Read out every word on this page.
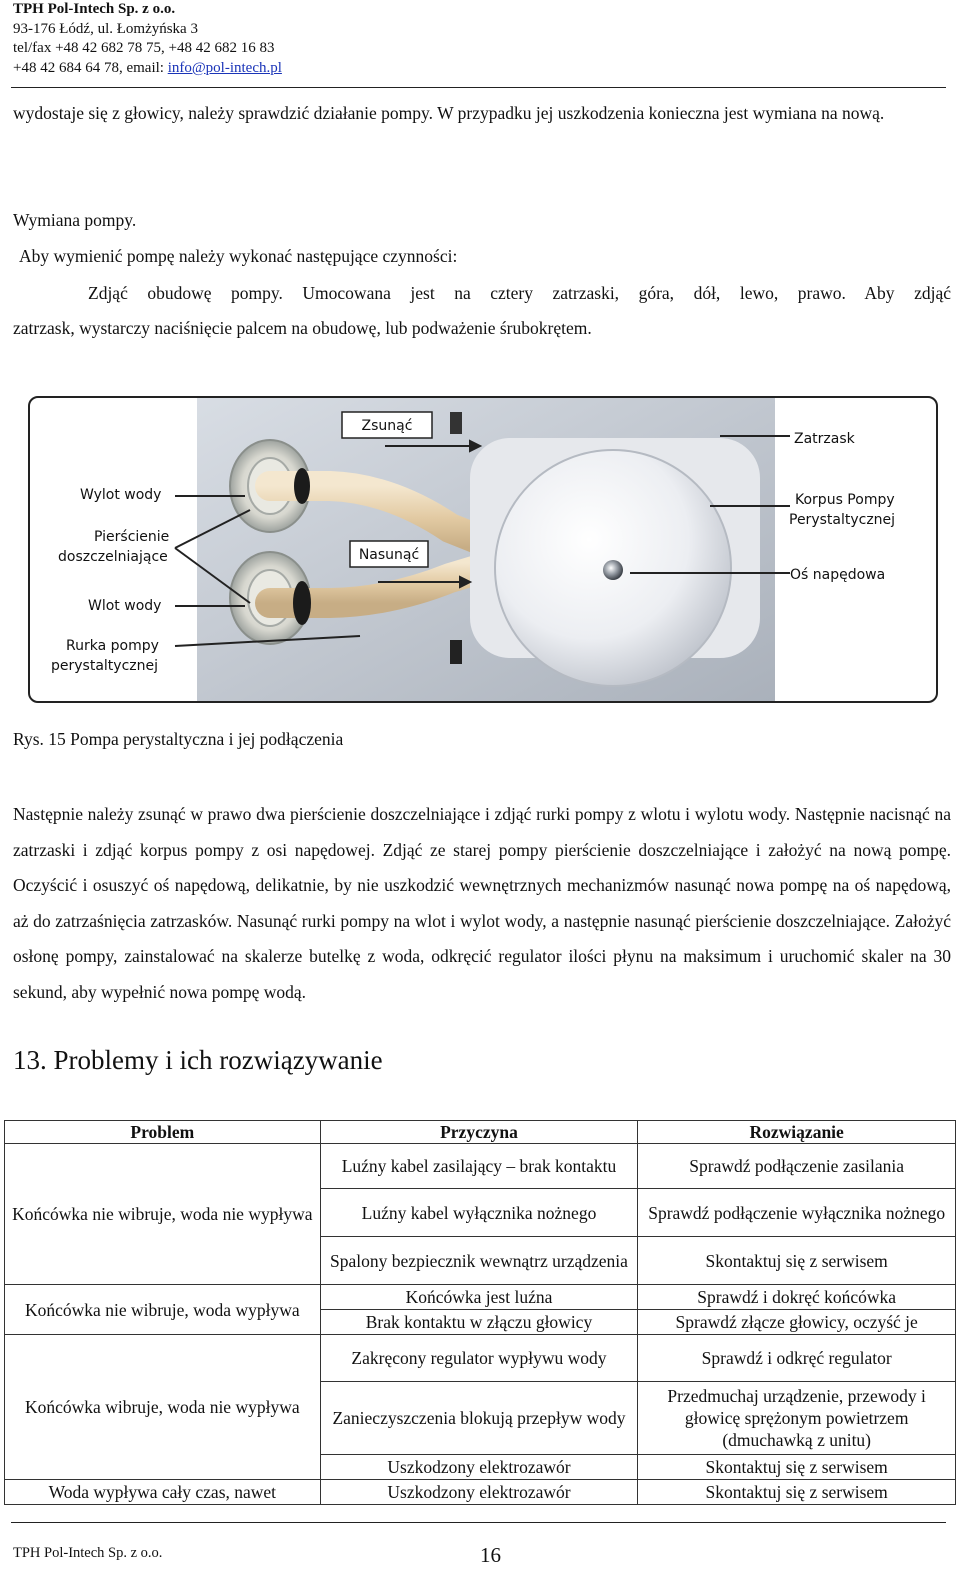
TPH Pol-Intech Sp. z o.o.
93-176 Łódź, ul. Łomżyńska 3
tel/fax +48 42 682 78 75, +48 42 682 16 83
+48 42 684 64 78, email: info@pol-intech.pl

wydostaje się z głowicy, należy sprawdzić działanie pompy. W przypadku jej uszkodzenia konieczna jest wymiana na nową.

Wymiana pompy.
Aby wymienić pompę należy wykonać następujące czynności:
Zdjąć obudowę pompy. Umocowana jest na cztery zatrzaski, góra, dół, lewo, prawo. Aby zdjąć
zatrzask, wystarczy naciśnięcie palcem na obudowę, lub podważenie śrubokrętem.
Zsunąć
Nasunąć
Wylot wody
Pierścienie
doszczelniające
Wlot wody
Rurka pompy
perystaltycznej
Zatrzask
Korpus Pompy
Perystaltycznej
Oś napędowa
Rys. 15 Pompa perystaltyczna i jej podłączenia

Następnie należy zsunąć w prawo dwa pierścienie doszczelniające i zdjąć rurki pompy z wlotu i wylotu wody. Następnie nacisnąć na zatrzaski i zdjąć korpus pompy z osi napędowej. Zdjąć ze starej pompy pierścienie doszczelniające i założyć na nową pompę. Oczyścić i osuszyć oś napędową, delikatnie, by nie uszkodzić wewnętrznych mechanizmów nasunąć nowa pompę na oś napędową, aż do zatrzaśnięcia zatrzasków. Nasunąć rurki pompy na wlot i wylot wody, a następnie nasunąć pierścienie doszczelniające. Założyć osłonę pompy, zainstalować na skalerze butelkę z woda, odkręcić regulator ilości płynu na maksimum i uruchomić skaler na 30 sekund, aby wypełnić nowa pompę wodą.

13. Problemy i ich rozwiązywanie
Problem	Przyczyna	Rozwiązanie
Końcówka nie wibruje, woda nie wypływa	Luźny kabel zasilający – brak kontaktu	Sprawdź podłączenie zasilania
	Luźny kabel wyłącznika nożnego	Sprawdź podłączenie wyłącznika nożnego
	Spalony bezpiecznik wewnątrz urządzenia	Skontaktuj się z serwisem
Końcówka nie wibruje, woda wypływa	Końcówka jest luźna	Sprawdź i dokręć końcówka
	Brak kontaktu w złączu głowicy	Sprawdź złącze głowicy, oczyść je
Końcówka wibruje, woda nie wypływa	Zakręcony regulator wypływu wody	Sprawdź i odkręć regulator
	Zanieczyszczenia blokują przepływ wody	Przedmuchaj urządzenie, przewody i głowicę sprężonym powietrzem (dmuchawką z unitu)
	Uszkodzony elektrozawór	Skontaktuj się z serwisem
Woda wypływa cały czas, nawet	Uszkodzony elektrozawór	Skontaktuj się z serwisem
TPH Pol-Intech Sp. z o.o.	16
